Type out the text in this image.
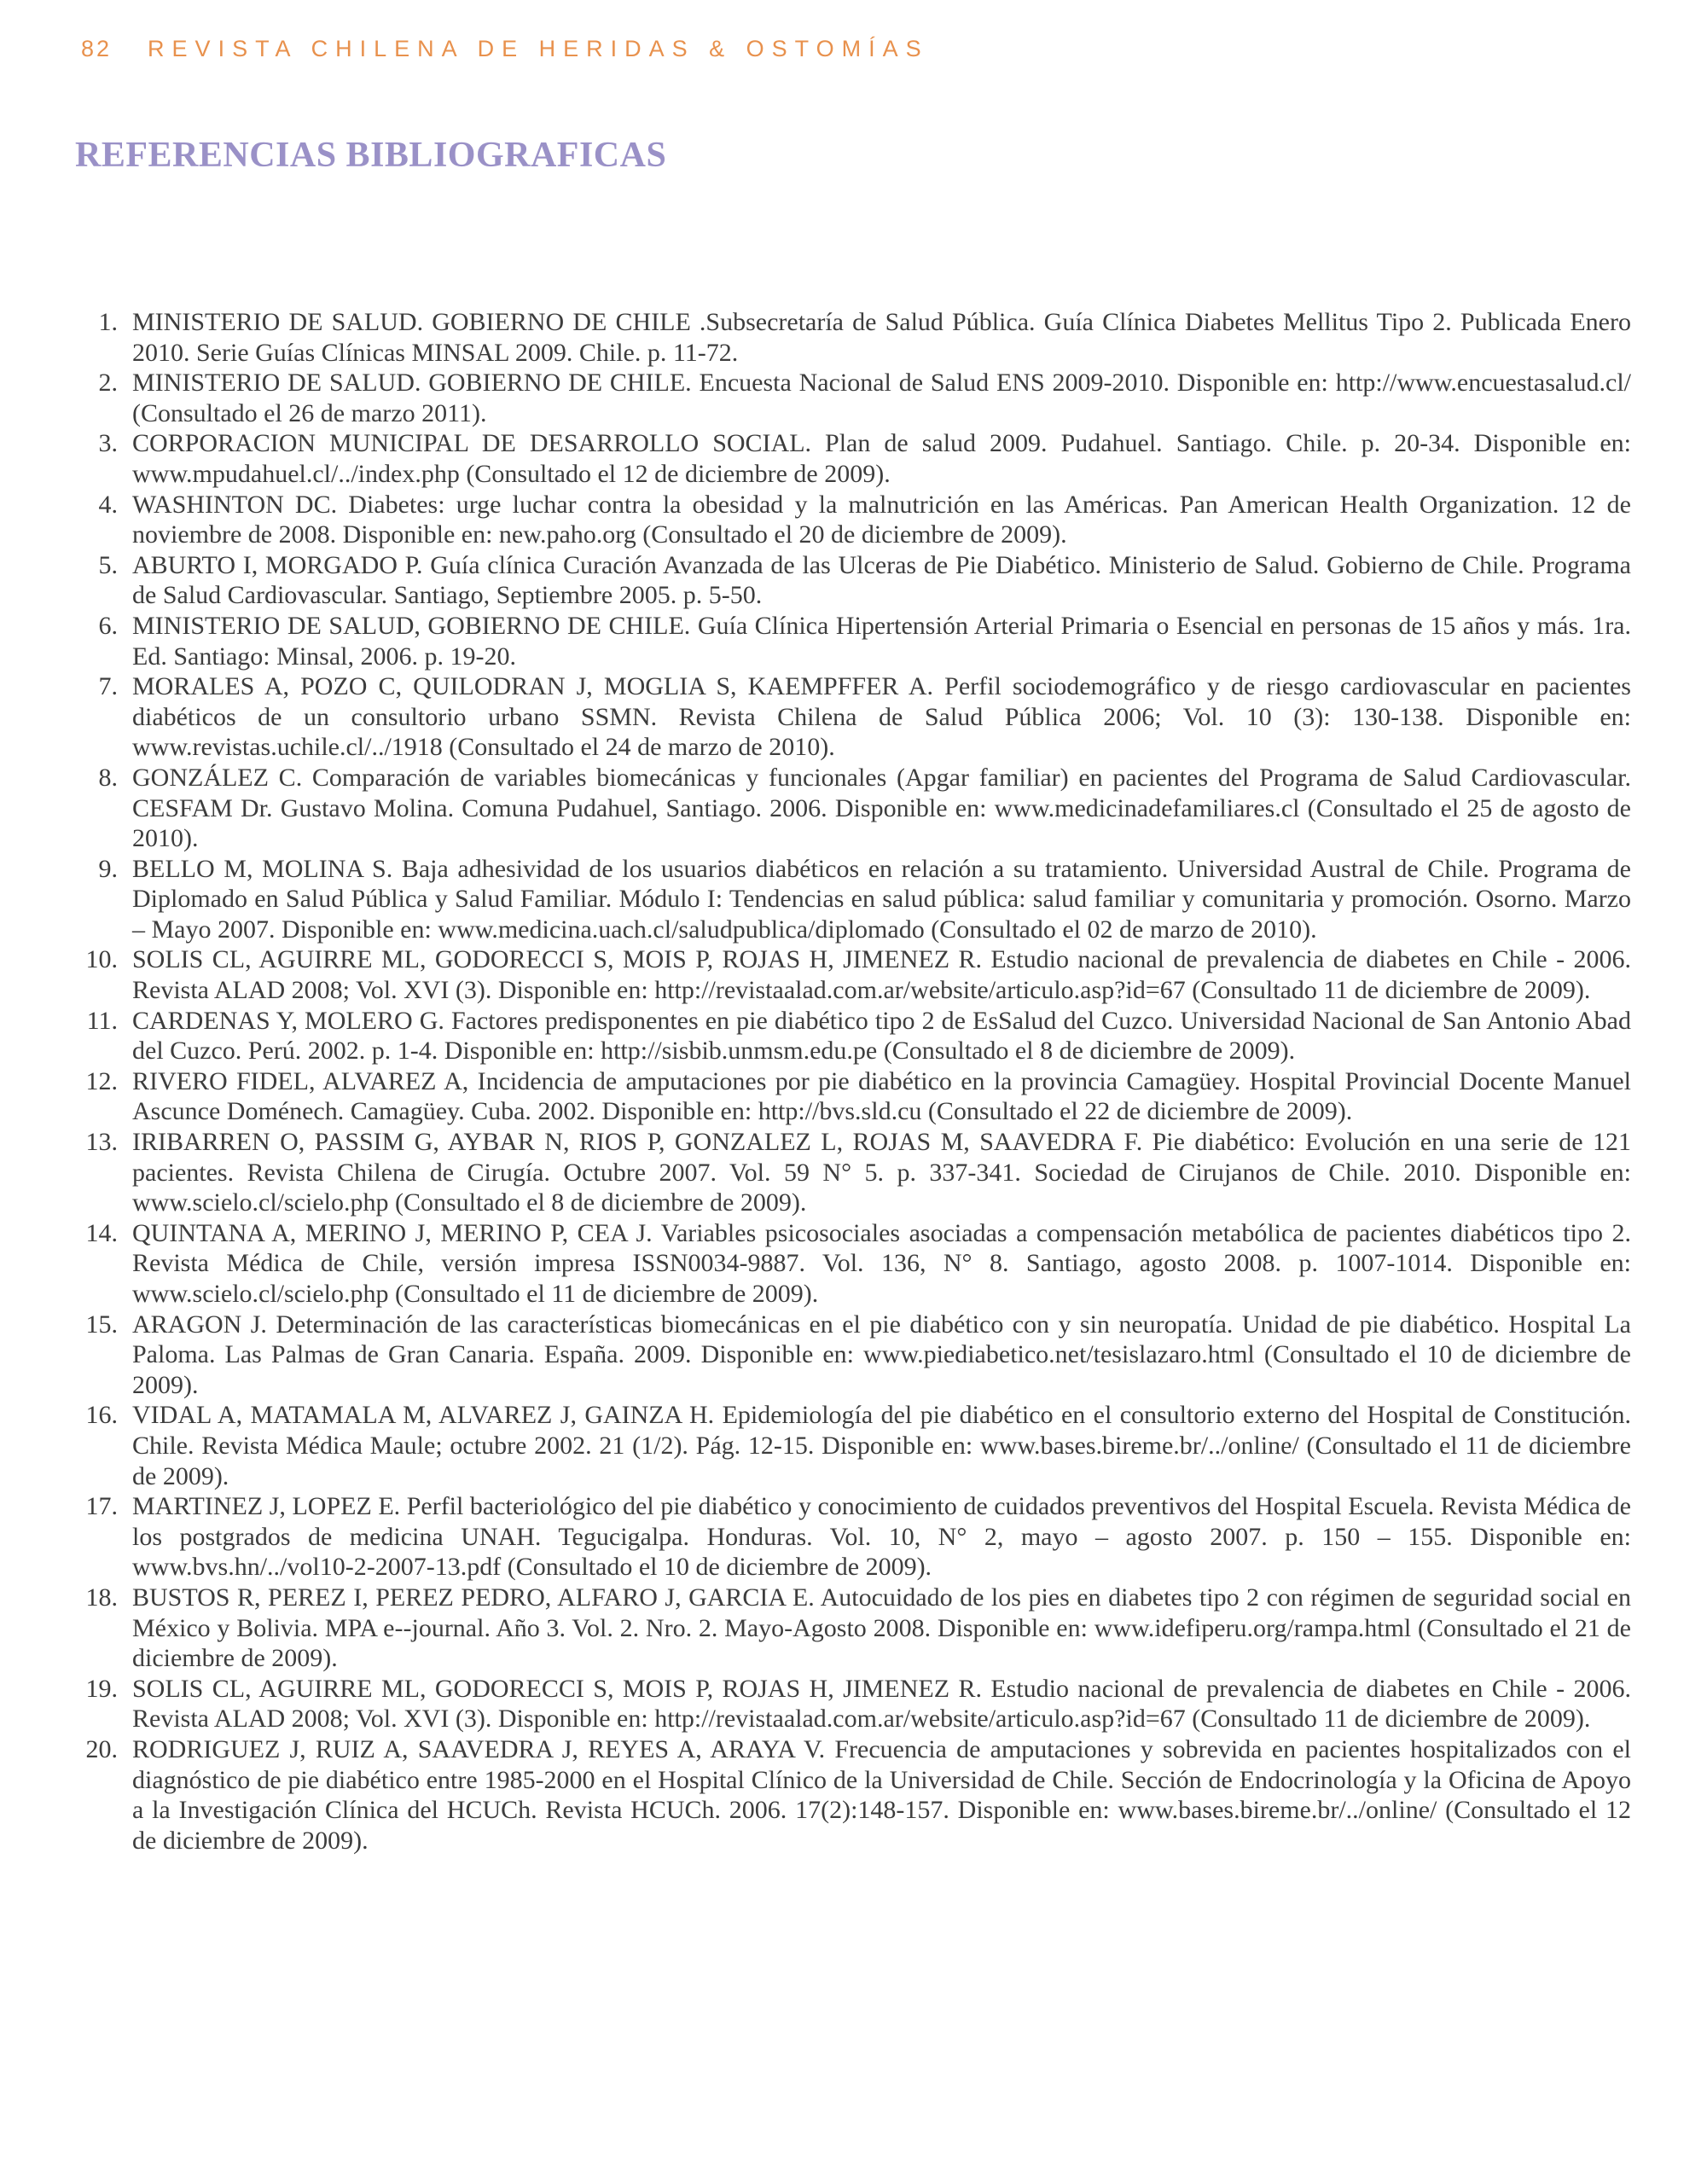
82 REVISTA CHILENA DE HERIDAS & OSTOMÍAS
REFERENCIAS BIBLIOGRAFICAS
1. MINISTERIO DE SALUD. GOBIERNO DE CHILE .Subsecretaría de Salud Pública. Guía Clínica Diabetes Mellitus Tipo 2. Publicada Enero 2010. Serie Guías Clínicas MINSAL 2009. Chile. p. 11-72.
2. MINISTERIO DE SALUD. GOBIERNO DE CHILE. Encuesta Nacional de Salud ENS 2009-2010. Disponible en: http://www.encuestasalud.cl/ (Consultado el 26 de marzo 2011).
3. CORPORACION MUNICIPAL DE DESARROLLO SOCIAL. Plan de salud 2009. Pudahuel. Santiago. Chile. p. 20-34. Disponible en: www.mpudahuel.cl/../index.php (Consultado el 12 de diciembre de 2009).
4. WASHINTON DC. Diabetes: urge luchar contra la obesidad y la malnutrición en las Américas. Pan American Health Organization. 12 de noviembre de 2008. Disponible en: new.paho.org (Consultado el 20 de diciembre de 2009).
5. ABURTO I, MORGADO P. Guía clínica Curación Avanzada de las Ulceras de Pie Diabético. Ministerio de Salud. Gobierno de Chile. Programa de Salud Cardiovascular. Santiago, Septiembre 2005. p. 5-50.
6. MINISTERIO DE SALUD, GOBIERNO DE CHILE. Guía Clínica Hipertensión Arterial Primaria o Esencial en personas de 15 años y más. 1ra. Ed. Santiago: Minsal, 2006. p. 19-20.
7. MORALES A, POZO C, QUILODRAN J, MOGLIA S, KAEMPFFER A. Perfil sociodemográfico y de riesgo cardiovascular en pacientes diabéticos de un consultorio urbano SSMN. Revista Chilena de Salud Pública 2006; Vol. 10 (3): 130-138. Disponible en: www.revistas.uchile.cl/../1918 (Consultado el 24 de marzo de 2010).
8. GONZÁLEZ C. Comparación de variables biomecánicas y funcionales (Apgar familiar) en pacientes del Programa de Salud Cardiovascular. CESFAM Dr. Gustavo Molina. Comuna Pudahuel, Santiago. 2006. Disponible en: www.medicinadefamiliares.cl (Consultado el 25 de agosto de 2010).
9. BELLO M, MOLINA S. Baja adhesividad de los usuarios diabéticos en relación a su tratamiento. Universidad Austral de Chile. Programa de Diplomado en Salud Pública y Salud Familiar. Módulo I: Tendencias en salud pública: salud familiar y comunitaria y promoción. Osorno. Marzo – Mayo 2007. Disponible en: www.medicina.uach.cl/saludpublica/diplomado (Consultado el 02 de marzo de 2010).
10. SOLIS CL, AGUIRRE ML, GODORECCI S, MOIS P, ROJAS H, JIMENEZ R. Estudio nacional de prevalencia de diabetes en Chile - 2006. Revista ALAD 2008; Vol. XVI (3). Disponible en: http://revistaalad.com.ar/website/articulo.asp?id=67 (Consultado 11 de diciembre de 2009).
11. CARDENAS Y, MOLERO G. Factores predisponentes en pie diabético tipo 2 de EsSalud del Cuzco. Universidad Nacional de San Antonio Abad del Cuzco. Perú. 2002. p. 1-4. Disponible en: http://sisbib.unmsm.edu.pe (Consultado el 8 de diciembre de 2009).
12. RIVERO FIDEL, ALVAREZ A, Incidencia de amputaciones por pie diabético en la provincia Camagüey. Hospital Provincial Docente Manuel Ascunce Doménech. Camagüey. Cuba. 2002. Disponible en: http://bvs.sld.cu (Consultado el 22 de diciembre de 2009).
13. IRIBARREN O, PASSIM G, AYBAR N, RIOS P, GONZALEZ L, ROJAS M, SAAVEDRA F. Pie diabético: Evolución en una serie de 121 pacientes. Revista Chilena de Cirugía. Octubre 2007. Vol. 59 N° 5. p. 337-341. Sociedad de Cirujanos de Chile. 2010. Disponible en: www.scielo.cl/scielo.php (Consultado el 8 de diciembre de 2009).
14. QUINTANA A, MERINO J, MERINO P, CEA J. Variables psicosociales asociadas a compensación metabólica de pacientes diabéticos tipo 2. Revista Médica de Chile, versión impresa ISSN0034-9887. Vol. 136, N° 8. Santiago, agosto 2008. p. 1007-1014. Disponible en: www.scielo.cl/scielo.php (Consultado el 11 de diciembre de 2009).
15. ARAGON J. Determinación de las características biomecánicas en el pie diabético con y sin neuropatía. Unidad de pie diabético. Hospital La Paloma. Las Palmas de Gran Canaria. España. 2009. Disponible en: www.piediabetico.net/tesislazaro.html (Consultado el 10 de diciembre de 2009).
16. VIDAL A, MATAMALA M, ALVAREZ J, GAINZA H. Epidemiología del pie diabético en el consultorio externo del Hospital de Constitución. Chile. Revista Médica Maule; octubre 2002. 21 (1/2). Pág. 12-15. Disponible en: www.bases.bireme.br/../online/ (Consultado el 11 de diciembre de 2009).
17. MARTINEZ J, LOPEZ E. Perfil bacteriológico del pie diabético y conocimiento de cuidados preventivos del Hospital Escuela. Revista Médica de los postgrados de medicina UNAH. Tegucigalpa. Honduras. Vol. 10, N° 2, mayo – agosto 2007. p. 150 – 155. Disponible en: www.bvs.hn/../vol10-2-2007-13.pdf (Consultado el 10 de diciembre de 2009).
18. BUSTOS R, PEREZ I, PEREZ PEDRO, ALFARO J, GARCIA E. Autocuidado de los pies en diabetes tipo 2 con régimen de seguridad social en México y Bolivia. MPA e--journal. Año 3. Vol. 2. Nro. 2. Mayo-Agosto 2008. Disponible en: www.idefiperu.org/rampa.html (Consultado el 21 de diciembre de 2009).
19. SOLIS CL, AGUIRRE ML, GODORECCI S, MOIS P, ROJAS H, JIMENEZ R. Estudio nacional de prevalencia de diabetes en Chile - 2006. Revista ALAD 2008; Vol. XVI (3). Disponible en: http://revistaalad.com.ar/website/articulo.asp?id=67 (Consultado 11 de diciembre de 2009).
20. RODRIGUEZ J, RUIZ A, SAAVEDRA J, REYES A, ARAYA V. Frecuencia de amputaciones y sobrevida en pacientes hospitalizados con el diagnóstico de pie diabético entre 1985-2000 en el Hospital Clínico de la Universidad de Chile. Sección de Endocrinología y la Oficina de Apoyo a la Investigación Clínica del HCUCh. Revista HCUCh. 2006. 17(2):148-157. Disponible en: www.bases.bireme.br/../online/ (Consultado el 12 de diciembre de 2009).
